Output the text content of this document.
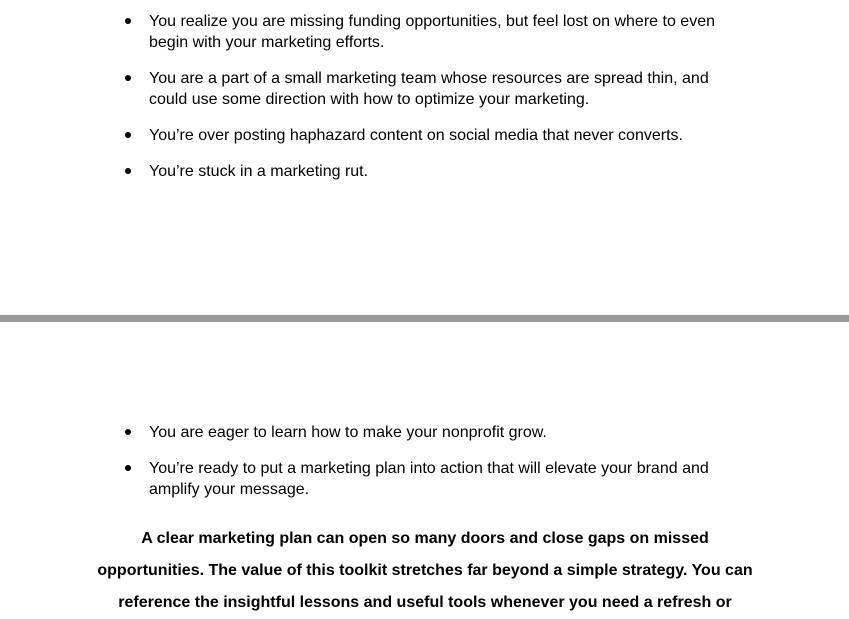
You realize you are missing funding opportunities, but feel lost on where to even begin with your marketing efforts.
You are a part of a small marketing team whose resources are spread thin, and could use some direction with how to optimize your marketing.
You’re over posting haphazard content on social media that never converts.
You’re stuck in a marketing rut.
You are eager to learn how to make your nonprofit grow.
You’re ready to put a marketing plan into action that will elevate your brand and amplify your message.

A clear marketing plan can open so many doors and close gaps on missed opportunities. The value of this toolkit stretches far beyond a simple strategy. You can reference the insightful lessons and useful tools whenever you need a refresh or
